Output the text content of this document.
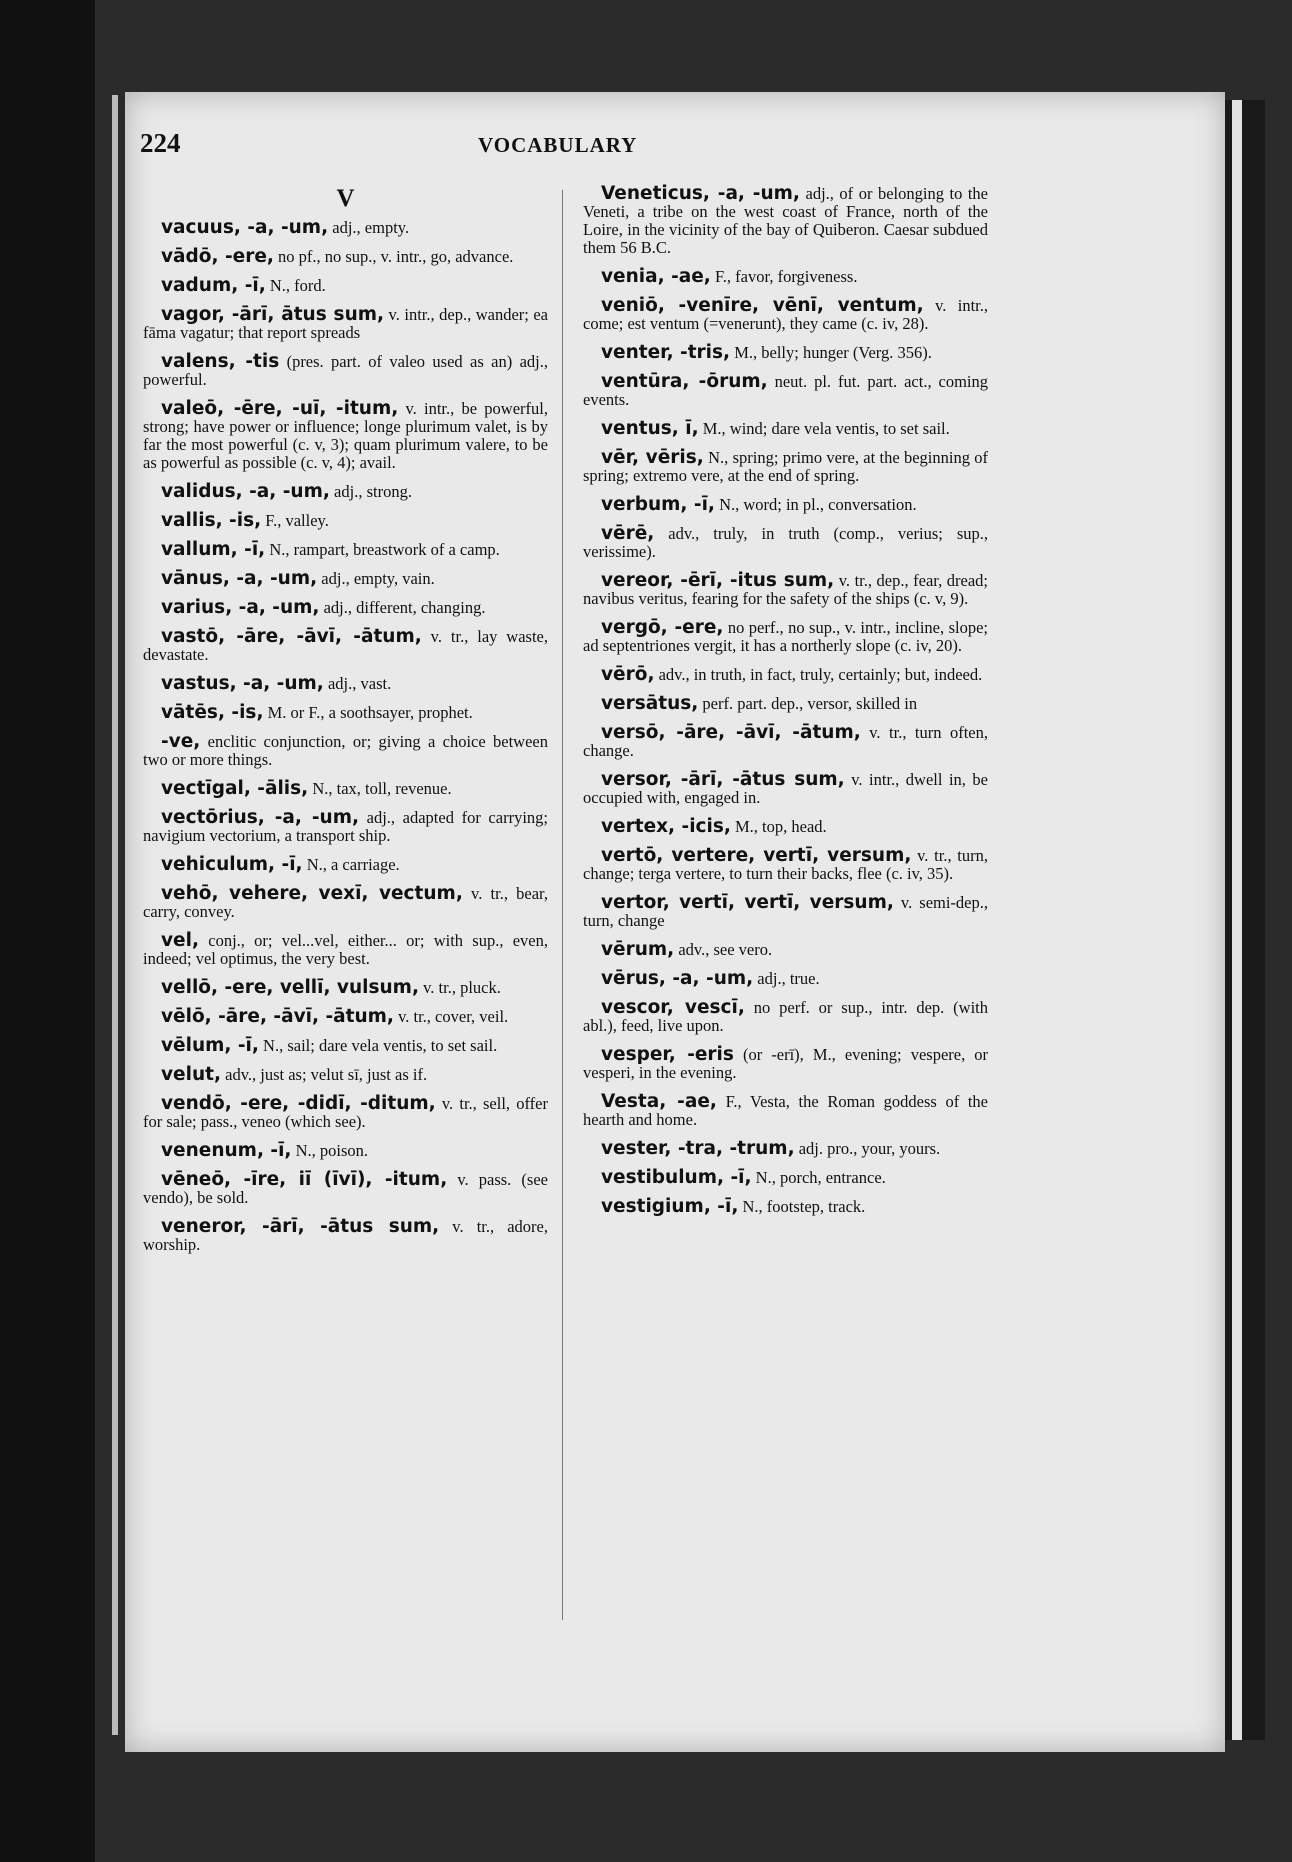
224	VOCABULARY
V
vacuus, -a, -um, adj., empty.
vādō, -ere, no pf., no sup., v. intr., go, advance.
vadum, -ī, N., ford.
vagor, -ārī, ātus sum, v. intr., dep., wander; ea fāma vagatur; that report spreads
valens, -tis (pres. part. of valeo used as an) adj., powerful.
valeō, -ēre, -uī, -itum, v. intr., be powerful, strong; have power or influence; longe plurimum valet, is by far the most powerful (c. v, 3); quam plurimum valere, to be as powerful as possible (c. v, 4); avail.
validus, -a, -um, adj., strong.
vallis, -is, F., valley.
vallum, -ī, N., rampart, breastwork of a camp.
vānus, -a, -um, adj., empty, vain.
varius, -a, -um, adj., different, changing.
vastō, -āre, -āvī, -ātum, v. tr., lay waste, devastate.
vastus, -a, -um, adj., vast.
vātēs, -is, M. or F., a soothsayer, prophet.
-ve, enclitic conjunction, or; giving a choice between two or more things.
vectīgal, -ālis, N., tax, toll, revenue.
vectōrius, -a, -um, adj., adapted for carrying; navigium vectorium, a transport ship.
vehiculum, -ī, N., a carriage.
vehō, vehere, vexī, vectum, v. tr., bear, carry, convey.
vel, conj., or; vel...vel, either... or; with sup., even, indeed; vel optimus, the very best.
vellō, -ere, vellī, vulsum, v. tr., pluck.
vēlō, -āre, -āvī, -ātum, v. tr., cover, veil.
vēlum, -ī, N., sail; dare vela ventis, to set sail.
velut, adv., just as; velut sī, just as if.
vendō, -ere, -didī, -ditum, v. tr., sell, offer for sale; pass., veneo (which see).
venenum, -ī, N., poison.
vēneō, -īre, iī (īvī), -itum, v. pass. (see vendo), be sold.
veneror, -ārī, -ātus sum, v. tr., adore, worship.
Veneticus, -a, -um, adj., of or belonging to the Veneti, a tribe on the west coast of France, north of the Loire, in the vicinity of the bay of Quiberon. Caesar subdued them 56 B.C.
venia, -ae, F., favor, forgiveness.
veniō, -venīre, vēnī, ventum, v. intr., come; est ventum (=venerunt), they came (c. iv, 28).
venter, -tris, M., belly; hunger (Verg. 356).
ventūra, -ōrum, neut. pl. fut. part. act., coming events.
ventus, ī, M., wind; dare vela ventis, to set sail.
vēr, vēris, N., spring; primo vere, at the beginning of spring; extremo vere, at the end of spring.
verbum, -ī, N., word; in pl., conversation.
vērē, adv., truly, in truth (comp., verius; sup., verissime).
vereor, -ērī, -itus sum, v. tr., dep., fear, dread; navibus veritus, fearing for the safety of the ships (c. v, 9).
vergō, -ere, no perf., no sup., v. intr., incline, slope; ad septentriones vergit, it has a northerly slope (c. iv, 20).
vērō, adv., in truth, in fact, truly, certainly; but, indeed.
versātus, perf. part. dep., versor, skilled in
versō, -āre, -āvī, -ātum, v. tr., turn often, change.
versor, -ārī, -ātus sum, v. intr., dwell in, be occupied with, engaged in.
vertex, -icis, M., top, head.
vertō, vertere, vertī, versum, v. tr., turn, change; terga vertere, to turn their backs, flee (c. iv, 35).
vertor, vertī, vertī, versum, v. semi-dep., turn, change
vērum, adv., see vero.
vērus, -a, -um, adj., true.
vescor, vescī, no perf. or sup., intr. dep. (with abl.), feed, live upon.
vesper, -eris (or -erī), M., evening; vespere, or vesperi, in the evening.
Vesta, -ae, F., Vesta, the Roman goddess of the hearth and home.
vester, -tra, -trum, adj. pro., your, yours.
vestibulum, -ī, N., porch, entrance.
vestigium, -ī, N., footstep, track.
